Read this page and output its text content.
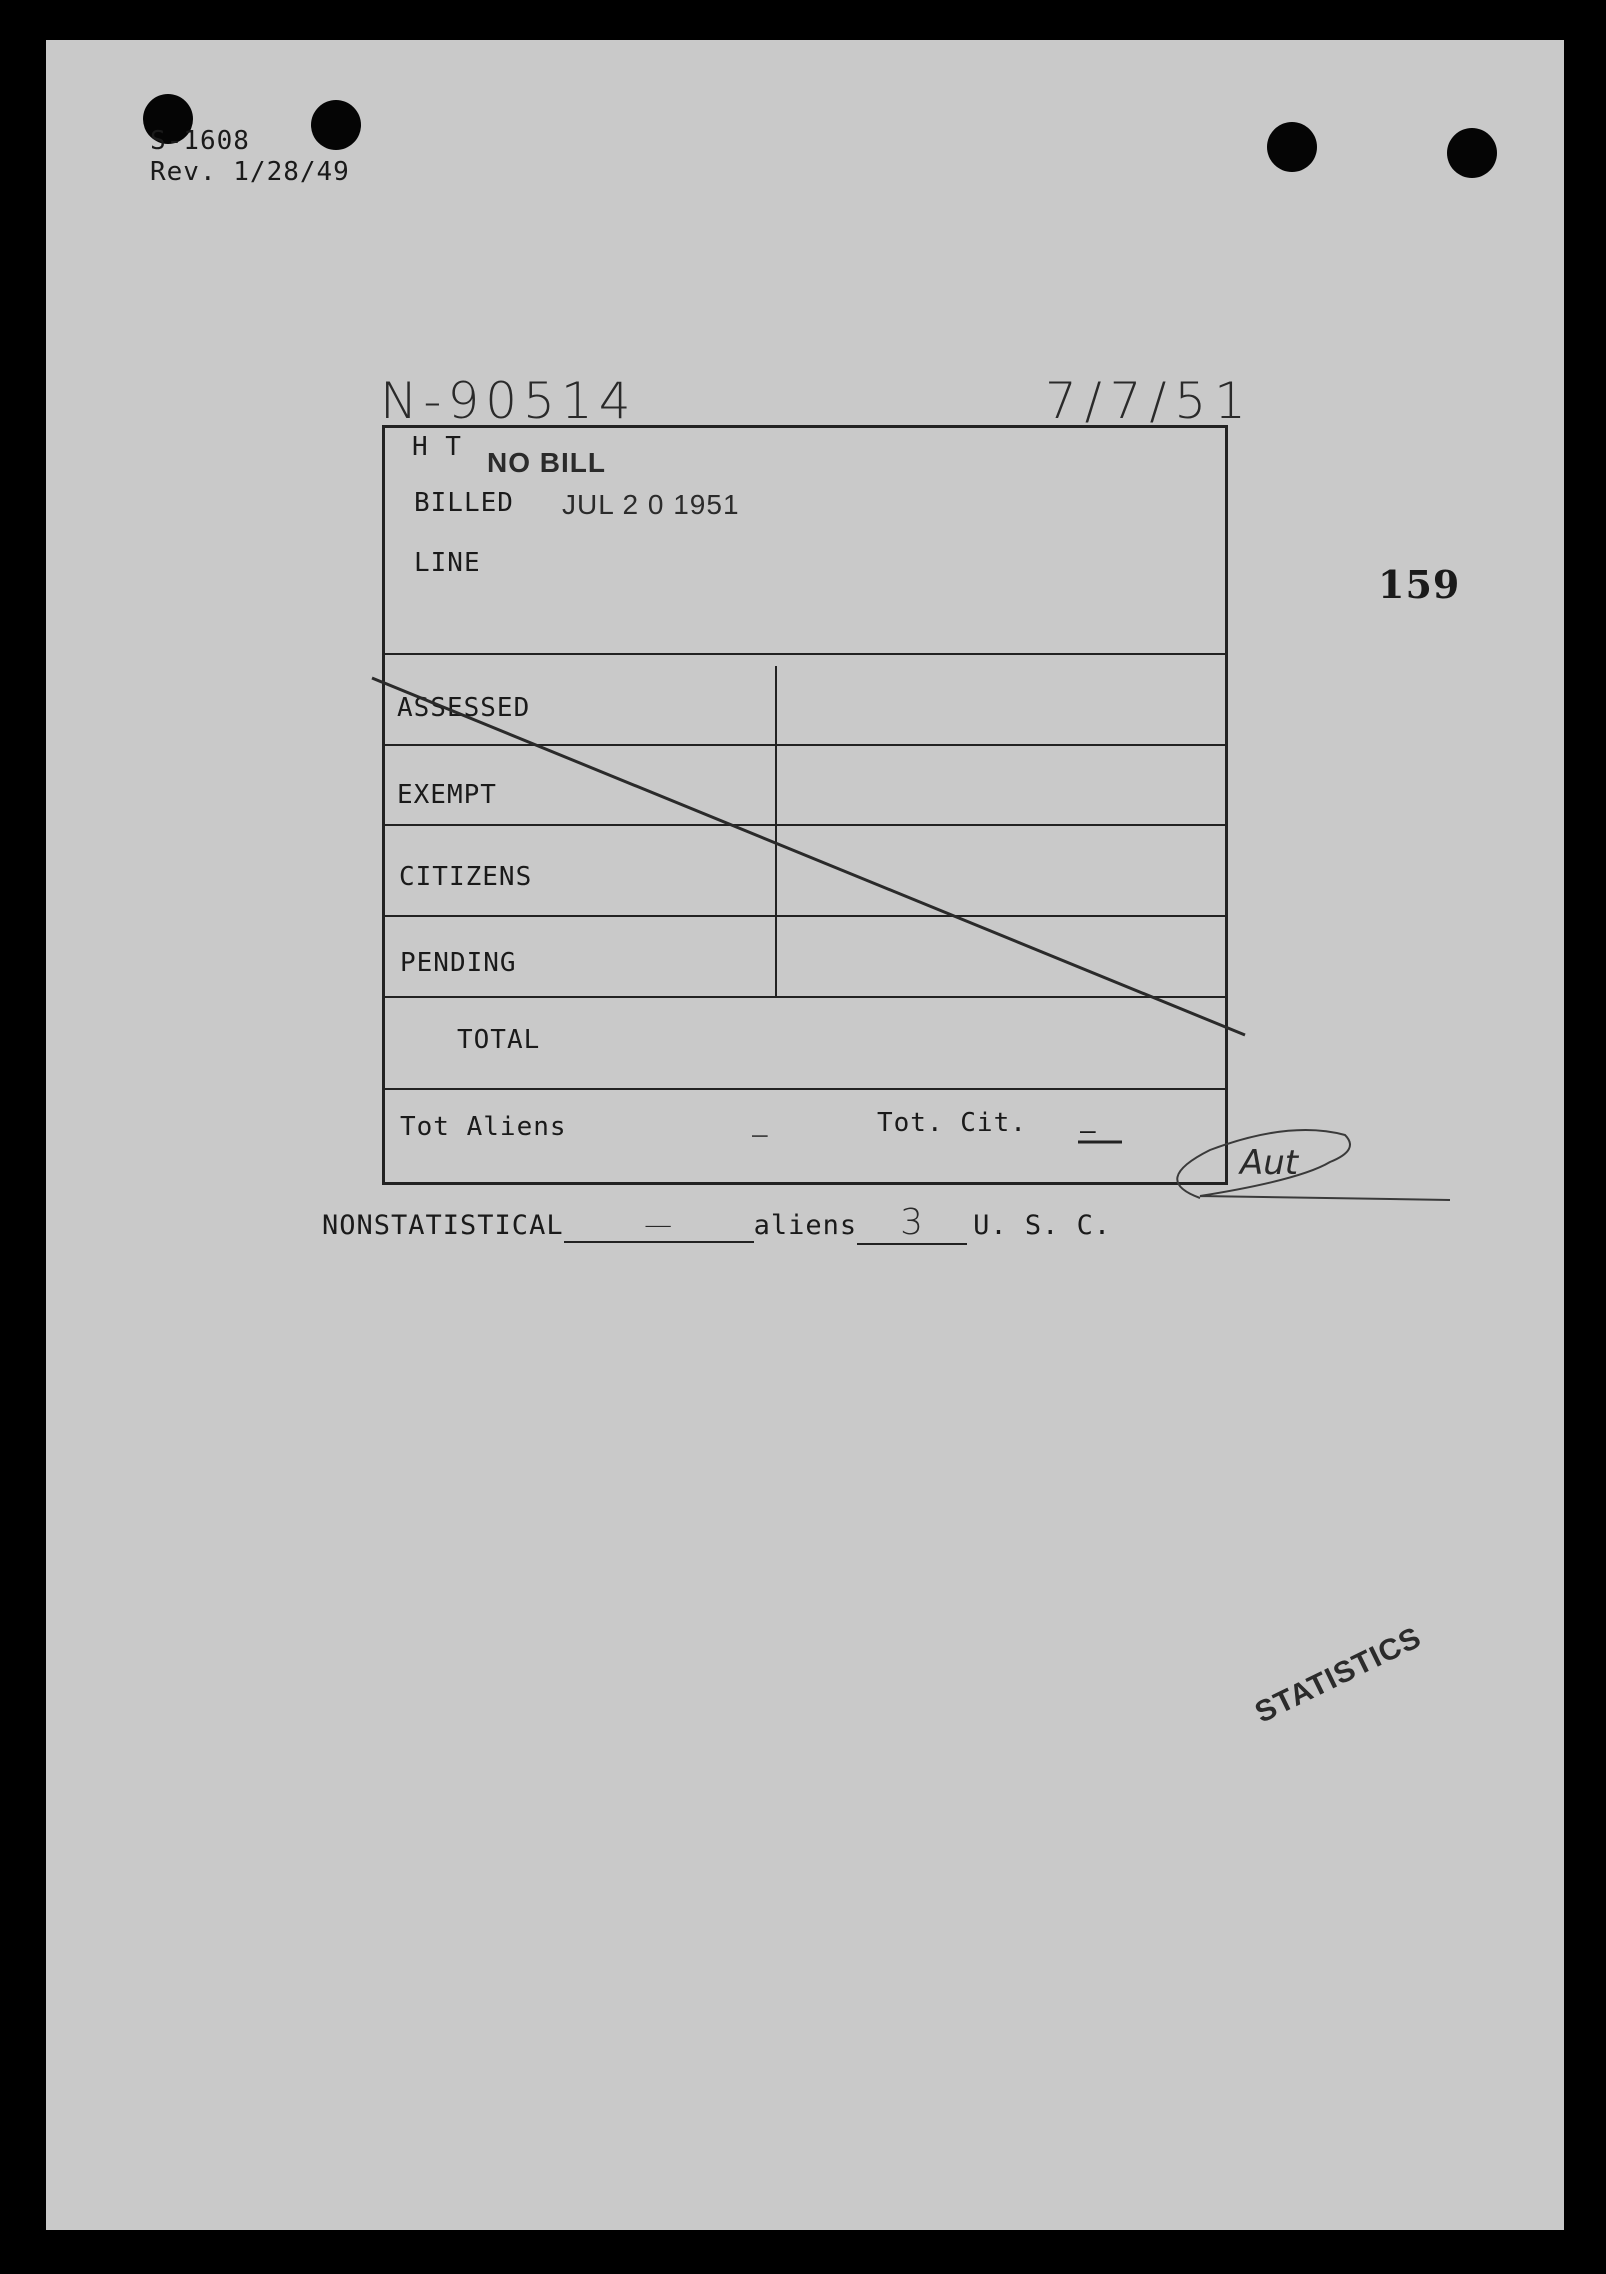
S-1608
Rev. 1/28/49
N-90514	7/7/51
159
H T NO BILL
BILLED JUL 2 0 1951
LINE
ASSESSED
EXEMPT
CITIZENS
PENDING
TOTAL
Tot Aliens	—	Tot. Cit. —
Aut
NONSTATISTICAL	—	aliens 3 U. S. C.
STATISTICS
